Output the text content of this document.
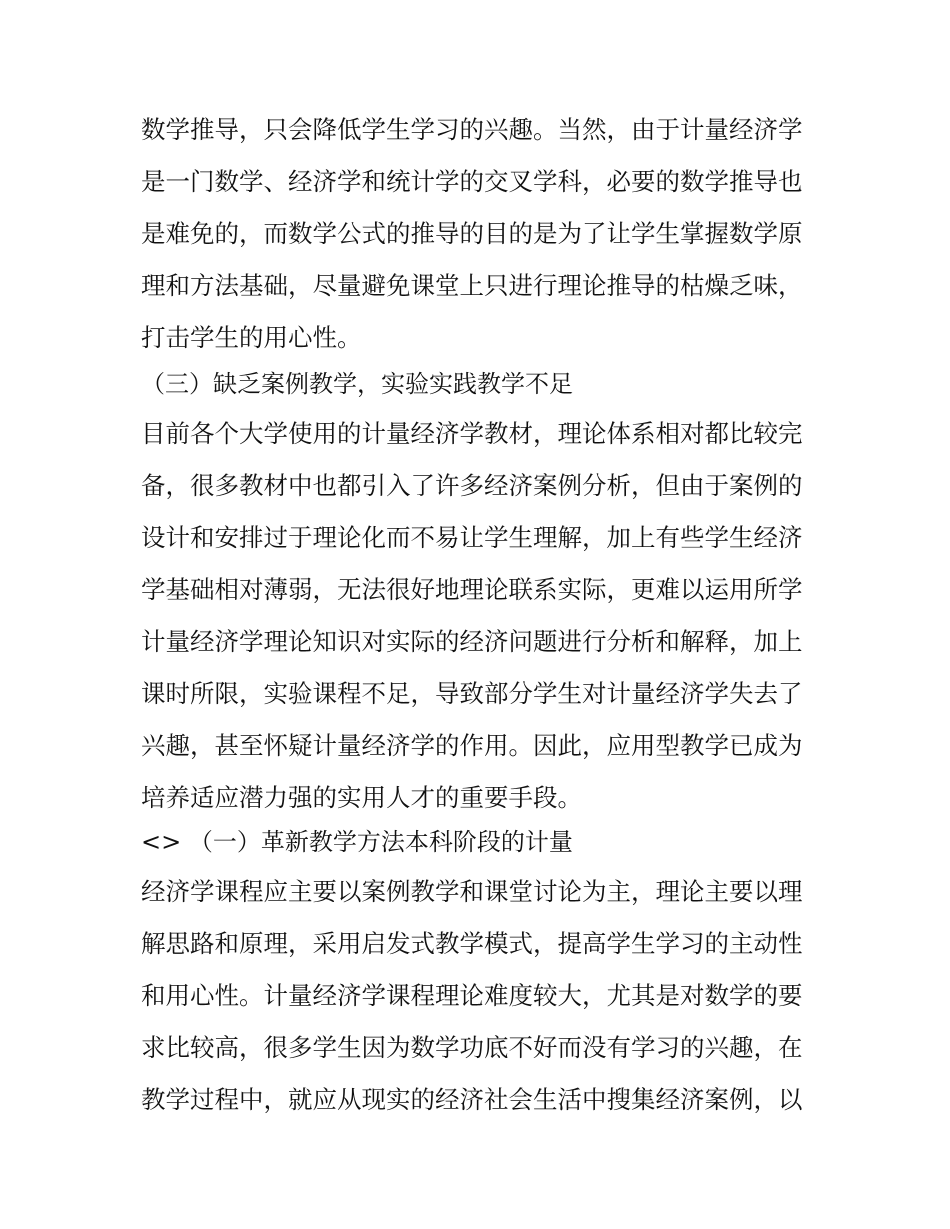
数学推导，只会降低学生学习的兴趣。当然，由于计量经济学
是一门数学、经济学和统计学的交叉学科，必要的数学推导也
是难免的，而数学公式的推导的目的是为了让学生掌握数学原
理和方法基础，尽量避免课堂上只进行理论推导的枯燥乏味，
打击学生的用心性。
（三）缺乏案例教学，实验实践教学不足
目前各个大学使用的计量经济学教材，理论体系相对都比较完
备，很多教材中也都引入了许多经济案例分析，但由于案例的
设计和安排过于理论化而不易让学生理解，加上有些学生经济
学基础相对薄弱，无法很好地理论联系实际，更难以运用所学
计量经济学理论知识对实际的经济问题进行分析和解释，加上
课时所限，实验课程不足，导致部分学生对计量经济学失去了
兴趣，甚至怀疑计量经济学的作用。因此，应用型教学已成为
培养适应潜力强的实用人才的重要手段。
<> （一）革新教学方法本科阶段的计量
经济学课程应主要以案例教学和课堂讨论为主，理论主要以理
解思路和原理，采用启发式教学模式，提高学生学习的主动性
和用心性。计量经济学课程理论难度较大，尤其是对数学的要
求比较高，很多学生因为数学功底不好而没有学习的兴趣，在
教学过程中，就应从现实的经济社会生活中搜集经济案例，以
